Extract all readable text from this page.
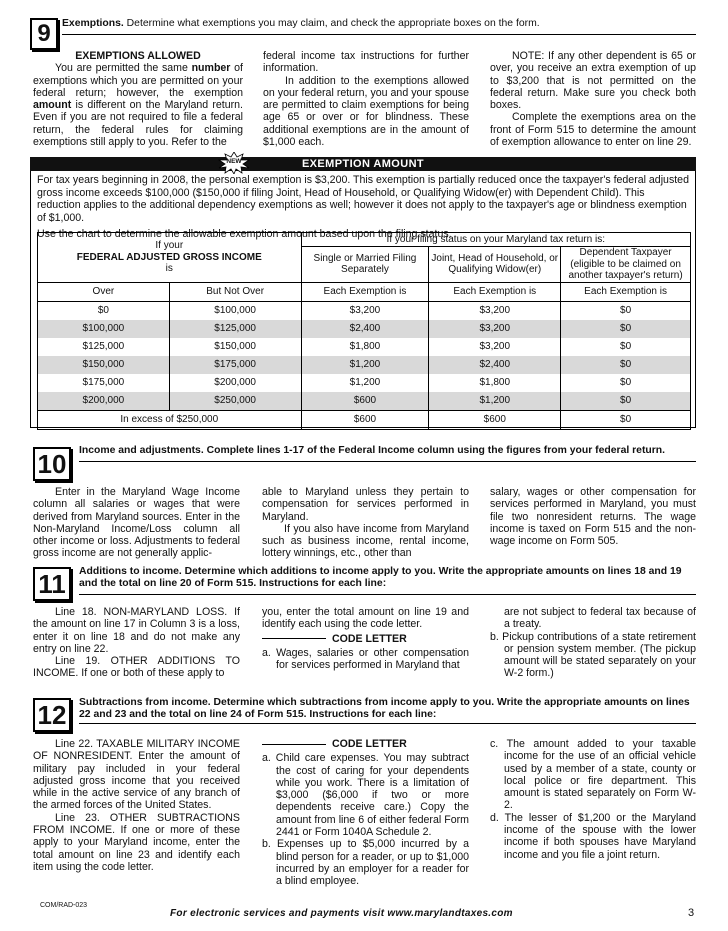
9	Exemptions. Determine what exemptions you may claim, and check the appropriate boxes on the form.

EXEMPTIONS ALLOWED

You are permitted the same number of exemptions which you are permitted on your federal return; however, the exemption amount is different on the Maryland return. Even if you are not required to file a federal return, the federal rules for claiming exemptions still apply to you. Refer to the

federal income tax instructions for further information.

In addition to the exemptions allowed on your federal return, you and your spouse are permitted to claim exemptions for being age 65 or over or for blindness. These additional exemptions are in the amount of $1,000 each.

NOTE: If any other dependent is 65 or over, you receive an extra exemption of up to $3,200 that is not permitted on the federal return. Make sure you check both boxes.

Complete the exemptions area on the front of Form 515 to determine the amount of exemption allowance to enter on line 29.

EXEMPTION AMOUNT
NEW

For tax years beginning in 2008, the personal exemption is $3,200. This exemption is partially reduced once the taxpayer's federal adjusted gross income exceeds $100,000 ($150,000 if filing Joint, Head of Household, or Qualifying Widow(er) with Dependent Child). This reduction applies to the additional dependency exemptions as well; however it does not apply to the taxpayer's age or blindness exemption of $1,000.

Use the chart to determine the allowable exemption amount based upon the filing status.

If your
FEDERAL ADJUSTED GROSS INCOME
is		If your filing status on your Maryland tax return is:		
		Single or Married Filing Separately	Joint, Head of Household, or Qualifying Widow(er)	Dependent Taxpayer (eligible to be claimed on another taxpayer's return)
Over	But Not Over	Each Exemption is	Each Exemption is	Each Exemption is
$0	$100,000	$3,200	$3,200	$0
$100,000	$125,000	$2,400	$3,200	$0
$125,000	$150,000	$1,800	$3,200	$0
$150,000	$175,000	$1,200	$2,400	$0
$175,000	$200,000	$1,200	$1,800	$0
$200,000	$250,000	$600	$1,200	$0
In excess of $250,000		$600	$600	$0
10	Income and adjustments. Complete lines 1-17 of the Federal Income column using the figures from your federal return.

Enter in the Maryland Wage Income column all salaries or wages that were derived from Maryland sources. Enter in the Non-Maryland Income/Loss column all other income or loss. Adjustments to federal gross income are not generally applic-

able to Maryland unless they pertain to compensation for services performed in Maryland.

If you also have income from Maryland such as business income, rental income, lottery winnings, etc., other than

salary, wages or other compensation for services performed in Maryland, you must file two nonresident returns. The wage income is taxed on Form 515 and the non-wage income on Form 505.

11	Additions to income. Determine which additions to income apply to you. Write the appropriate amounts on lines 18 and 19 and the total on line 20 of Form 515. Instructions for each line:

Line 18. NON-MARYLAND LOSS. If the amount on line 17 in Column 3 is a loss, enter it on line 18 and do not make any entry on line 22.

Line 19. OTHER ADDITIONS TO INCOME. If one or both of these apply to

you, enter the total amount on line 19 and identify each using the code letter.

CODE LETTER

a. Wages, salaries or other compensation for services performed in Maryland that

are not subject to federal tax because of a treaty.

b. Pickup contributions of a state retirement or pension system member. (The pickup amount will be stated separately on your W-2 form.)

12	Subtractions from income. Determine which subtractions from income apply to you. Write the appropriate amounts on lines 22 and 23 and the total on line 24 of Form 515. Instructions for each line:

Line 22. TAXABLE MILITARY INCOME OF NONRESIDENT. Enter the amount of military pay included in your federal adjusted gross income that you received while in the active service of any branch of the armed forces of the United States.

Line 23. OTHER SUBTRACTIONS FROM INCOME. If one or more of these apply to your Maryland income, enter the total amount on line 23 and identify each item using the code letter.

CODE LETTER

a. Child care expenses. You may subtract the cost of caring for your dependents while you work. There is a limitation of $3,000 ($6,000 if two or more dependents receive care.) Copy the amount from line 6 of either federal Form 2441 or Form 1040A Schedule 2.

b. Expenses up to $5,000 incurred by a blind person for a reader, or up to $1,000 incurred by an employer for a reader for a blind employee.

c. The amount added to your taxable income for the use of an official vehicle used by a member of a state, county or local police or fire department. This amount is stated separately on Form W-2.

d. The lesser of $1,200 or the Maryland income of the spouse with the lower income if both spouses have Maryland income and you file a joint return.

COM/RAD-023
For electronic services and payments visit www.marylandtaxes.com	3
